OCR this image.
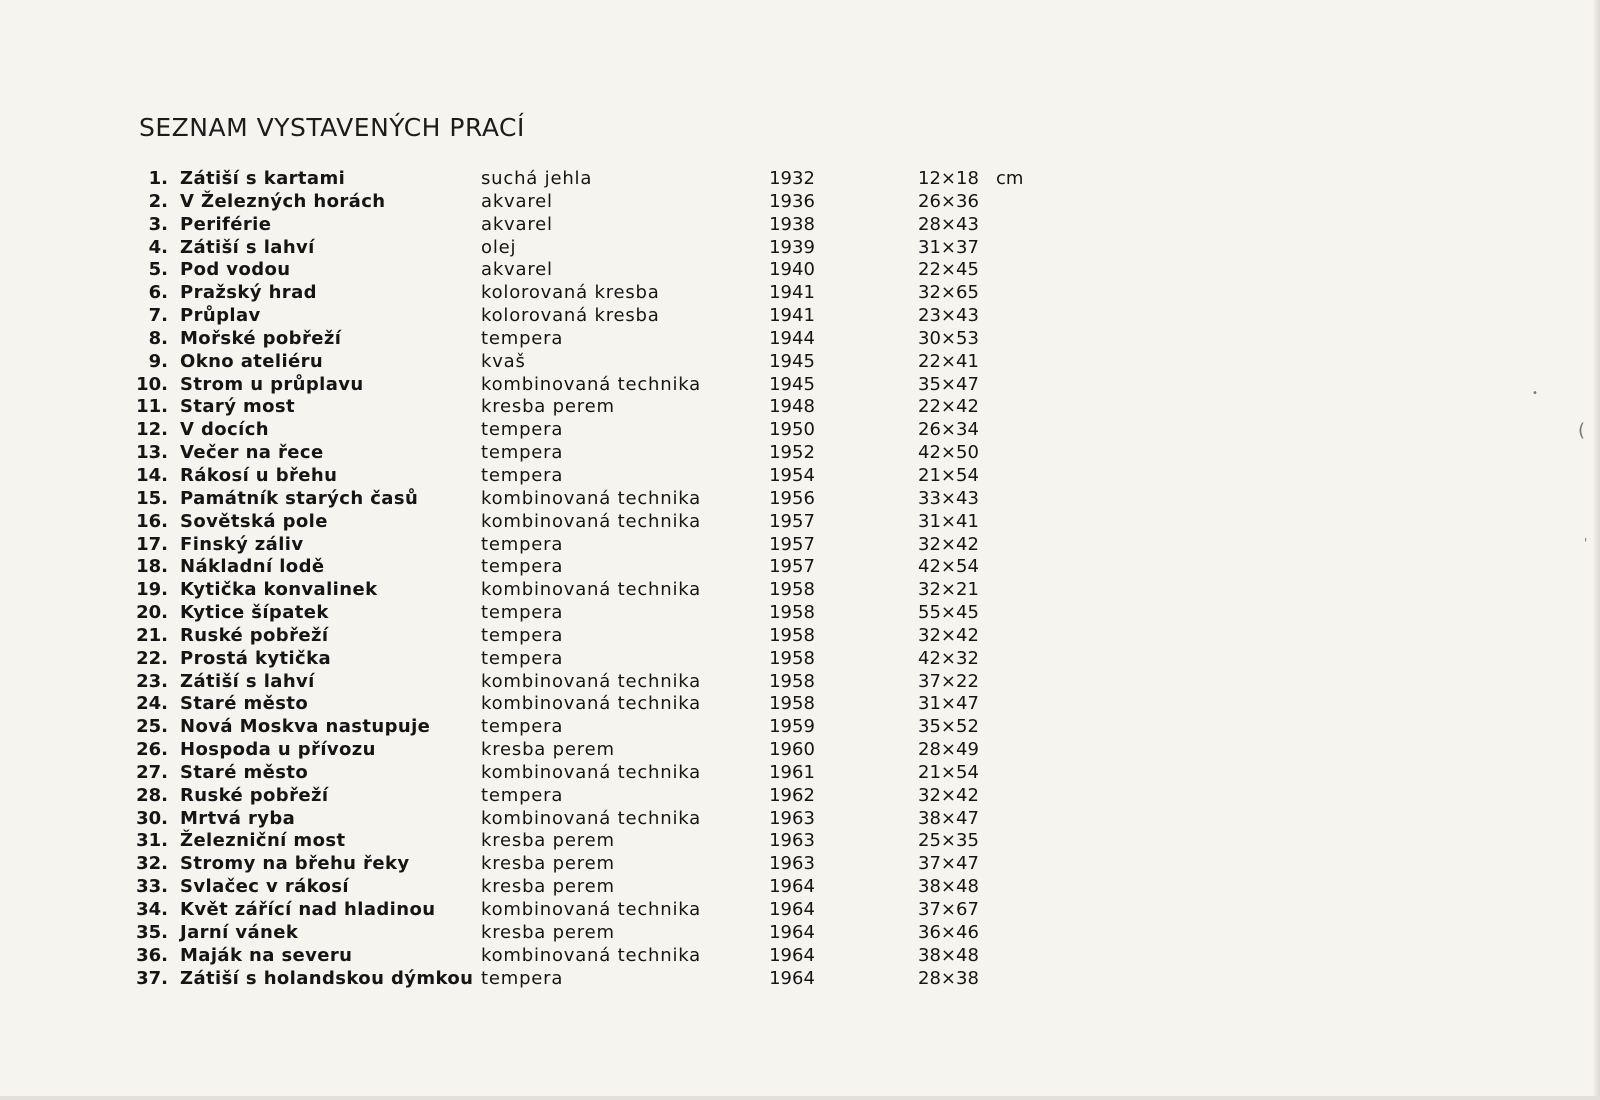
SEZNAM VYSTAVENÝCH PRACÍ
1. Zátiší s kartami	suchá jehla	1932	12×18 cm
2. V Železných horách	akvarel	1936	26×36
3. Periférie	akvarel	1938	28×43
4. Zátiší s lahví	olej	1939	31×37
5. Pod vodou	akvarel	1940	22×45
6. Pražský hrad	kolorovaná kresba	1941	32×65
7. Průplav	kolorovaná kresba	1941	23×43
8. Mořské pobřeží	tempera	1944	30×53
9. Okno ateliéru	kvaš	1945	22×41
10. Strom u průplavu	kombinovaná technika	1945	35×47
11. Starý most	kresba perem	1948	22×42
12. V docích	tempera	1950	26×34
13. Večer na řece	tempera	1952	42×50
14. Rákosí u břehu	tempera	1954	21×54
15. Památník starých časů	kombinovaná technika	1956	33×43
16. Sovětská pole	kombinovaná technika	1957	31×41
17. Finský záliv	tempera	1957	32×42
18. Nákladní lodě	tempera	1957	42×54
19. Kytička konvalinek	kombinovaná technika	1958	32×21
20. Kytice šípatek	tempera	1958	55×45
21. Ruské pobřeží	tempera	1958	32×42
22. Prostá kytička	tempera	1958	42×32
23. Zátiší s lahví	kombinovaná technika	1958	37×22
24. Staré město	kombinovaná technika	1958	31×47
25. Nová Moskva nastupuje	tempera	1959	35×52
26. Hospoda u přívozu	kresba perem	1960	28×49
27. Staré město	kombinovaná technika	1961	21×54
28. Ruské pobřeží	tempera	1962	32×42
30. Mrtvá ryba	kombinovaná technika	1963	38×47
31. Železniční most	kresba perem	1963	25×35
32. Stromy na břehu řeky	kresba perem	1963	37×47
33. Svlačec v rákosí	kresba perem	1964	38×48
34. Květ zářící nad hladinou	kombinovaná technika	1964	37×67
35. Jarní vánek	kresba perem	1964	36×46
36. Maják na severu	kombinovaná technika	1964	38×48
37. Zátiší s holandskou dýmkou tempera	1964	28×38
•
(
'
